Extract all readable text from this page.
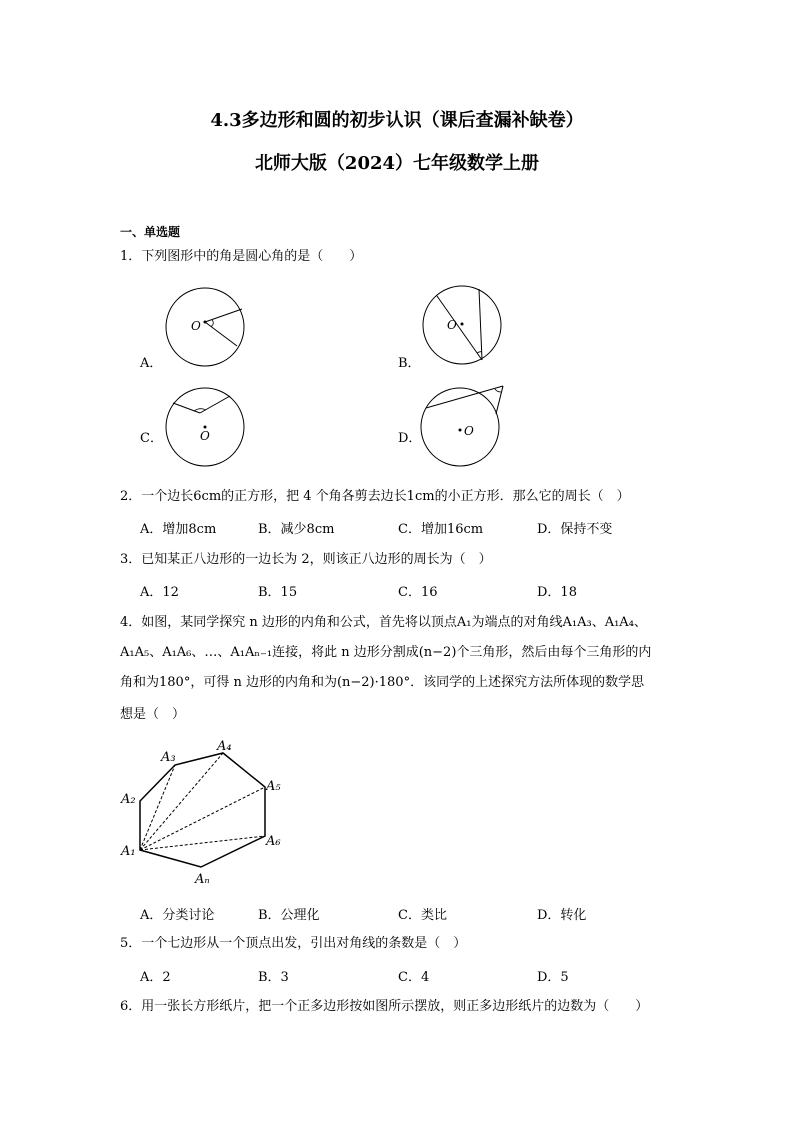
4.3多边形和圆的初步认识（课后查漏补缺卷）
北师大版（2024）七年级数学上册
一、单选题
1．下列图形中的角是圆心角的是（　　）
A．	B．
C．	D．
O	O
O	O
2．一个边长6cm的正方形，把 4 个角各剪去边长1cm的小正方形．那么它的周长（　）
A．增加8cm	B．减少8cm	C．增加16cm	D．保持不变
3．已知某正八边形的一边长为 2，则该正八边形的周长为（　）
A．12	B．15	C．16	D．18
4．如图，某同学探究 n 边形的内角和公式，首先将以顶点A₁为端点的对角线A₁A₃、A₁A₄、
A₁A₅、A₁A₆、…、A₁Aₙ₋₁连接，将此 n 边形分割成(n−2)个三角形，然后由每个三角形的内
角和为180°，可得 n 边形的内角和为(n−2)·180°．该同学的上述探究方法所体现的数学思
想是（　）
A₁
A₂
A₃
A₄
A₅
A₆
Aₙ
A．分类讨论	B．公理化	C．类比	D．转化
5．一个七边形从一个顶点出发，引出对角线的条数是（　）
A．2	B．3	C．4	D．5
6．用一张长方形纸片，把一个正多边形按如图所示摆放，则正多边形纸片的边数为（　　）
